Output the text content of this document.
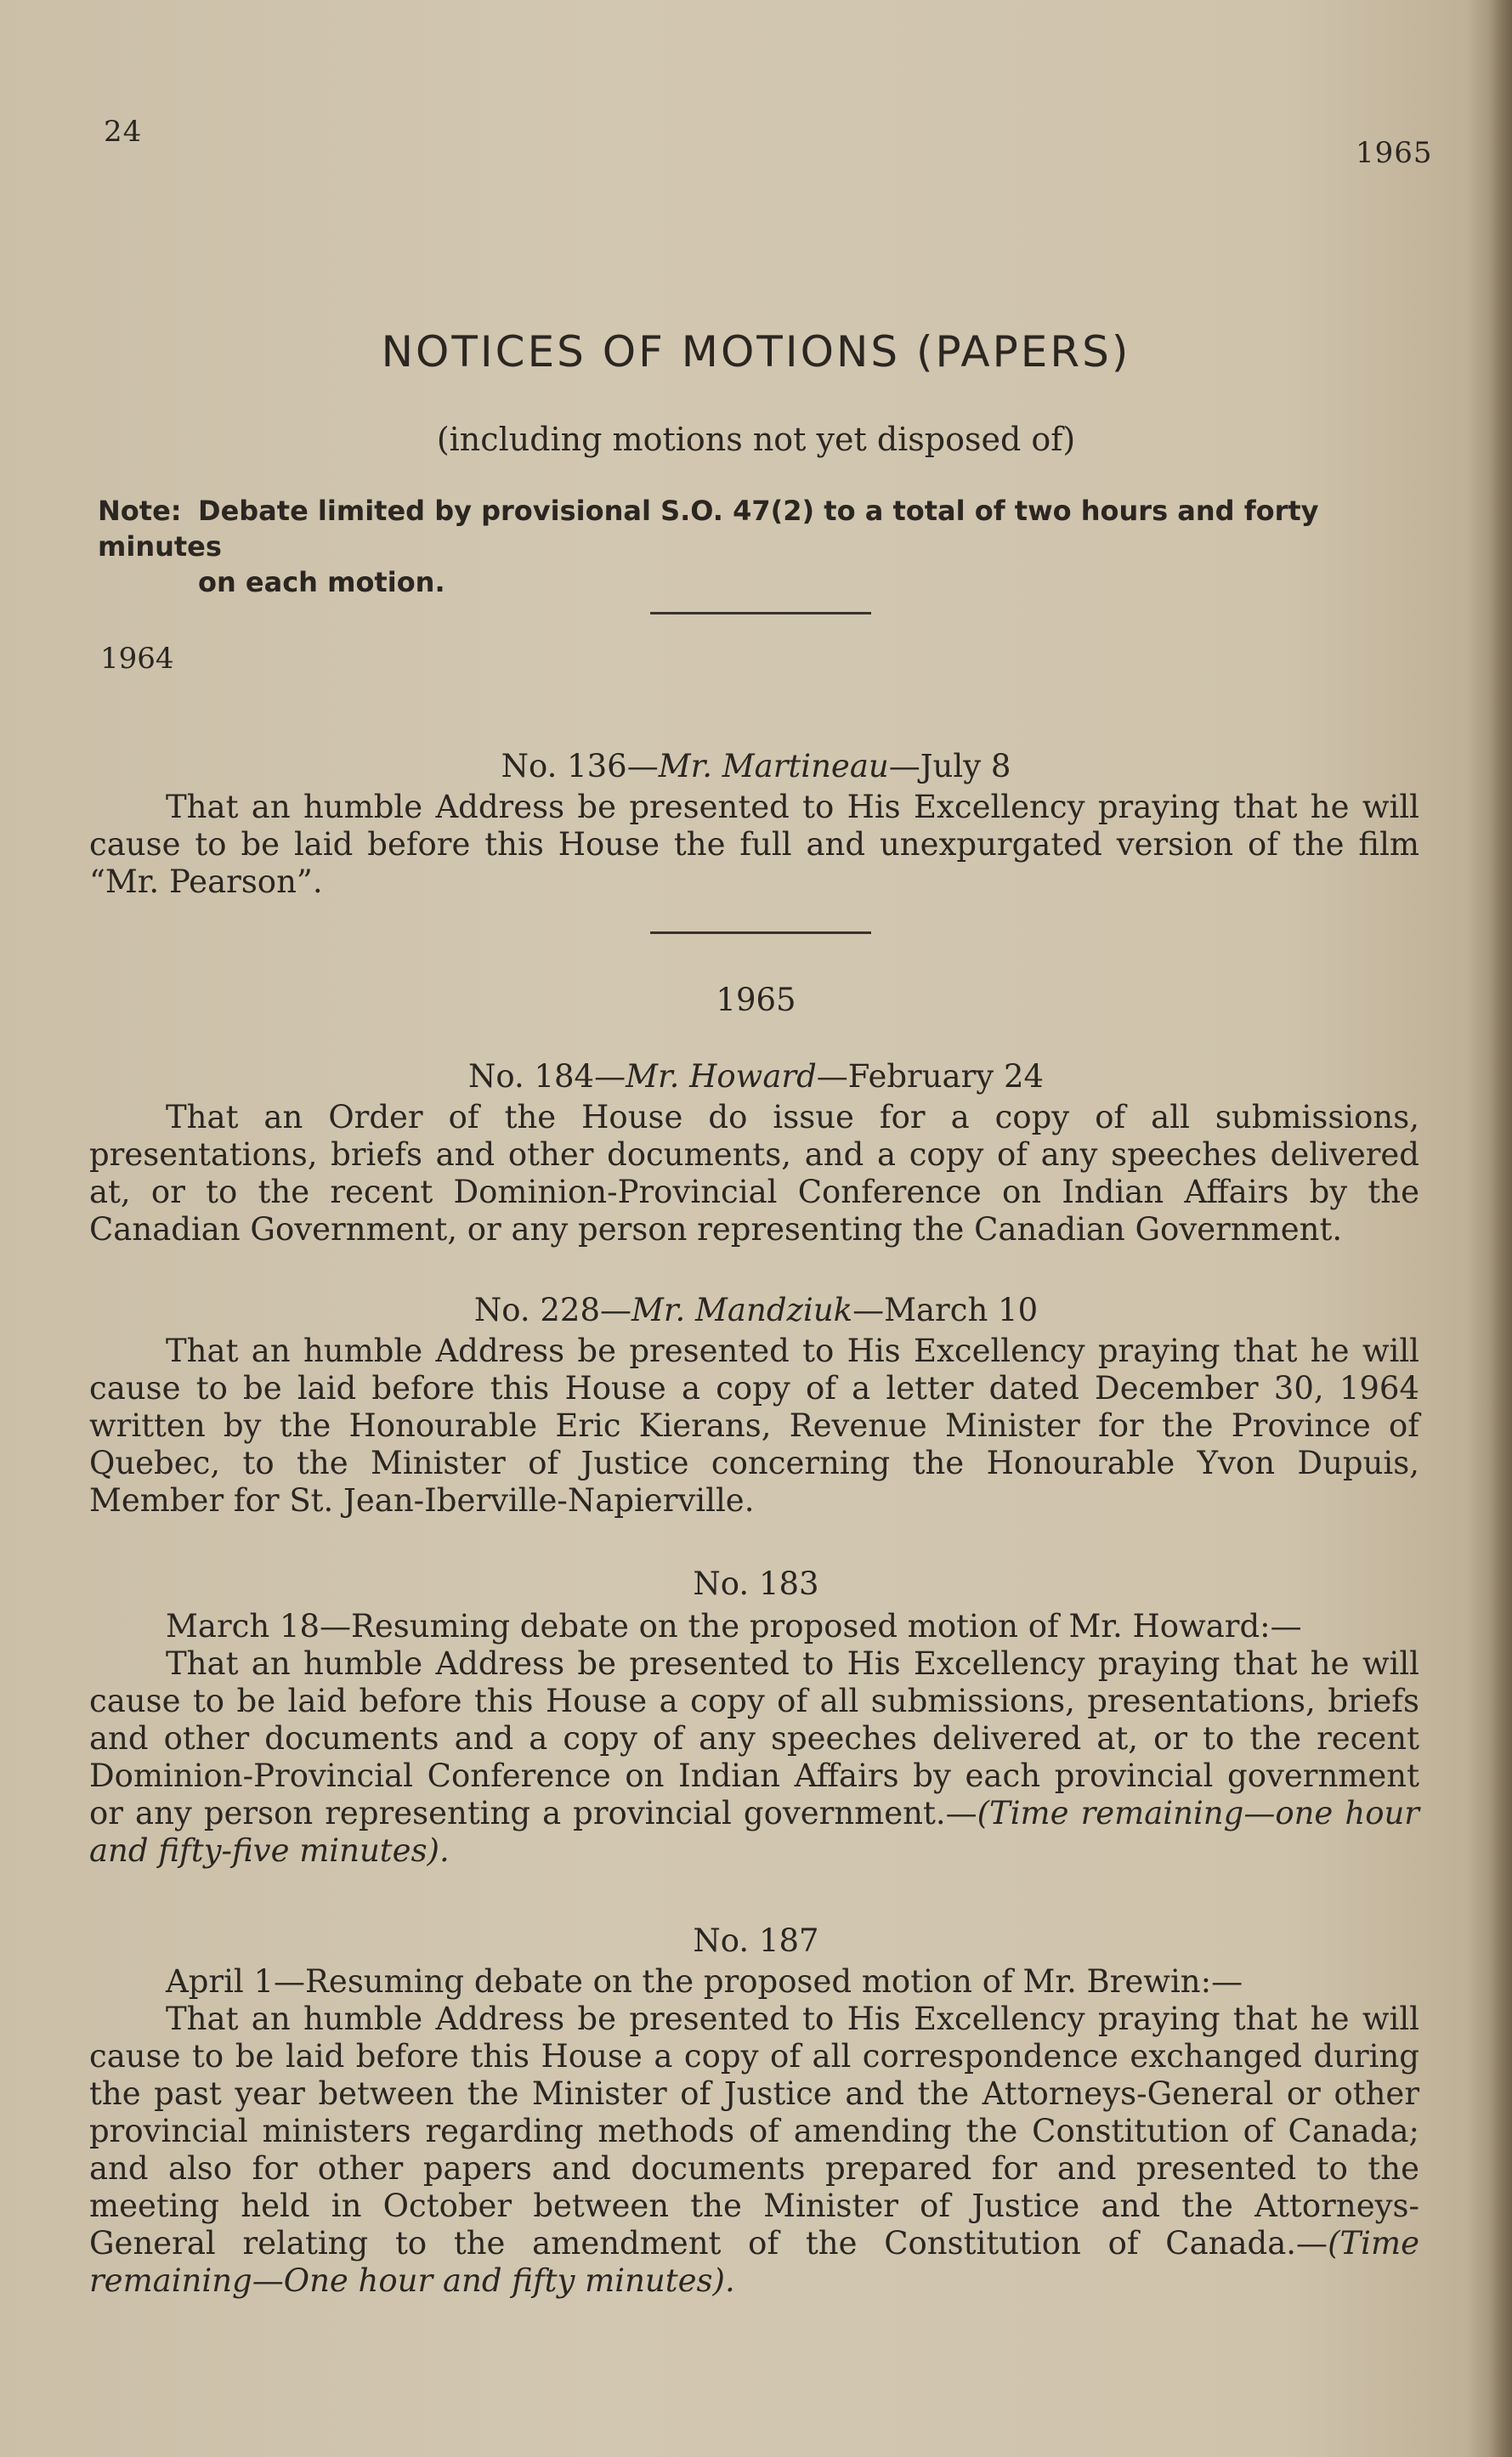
24
1965
NOTICES OF MOTIONS (PAPERS)
(including motions not yet disposed of)
Note: Debate limited by provisional S.O. 47(2) to a total of two hours and forty minutes
on each motion.
1964
No. 136—Mr. Martineau—July 8

That an humble Address be presented to His Excellency praying that he will cause to be laid before this House the full and unexpurgated version of the film “Mr. Pearson”.

1965
No. 184—Mr. Howard—February 24

That an Order of the House do issue for a copy of all submissions, presentations, briefs and other documents, and a copy of any speeches delivered at, or to the recent Dominion-Provincial Conference on Indian Affairs by the Canadian Government, or any person representing the Canadian Government.

No. 228—Mr. Mandziuk—March 10

That an humble Address be presented to His Excellency praying that he will cause to be laid before this House a copy of a letter dated December 30, 1964 written by the Honourable Eric Kierans, Revenue Minister for the Province of Quebec, to the Minister of Justice concerning the Honourable Yvon Dupuis, Member for St. Jean-Iberville-Napierville.

No. 183

March 18—Resuming debate on the proposed motion of Mr. Howard:—

That an humble Address be presented to His Excellency praying that he will cause to be laid before this House a copy of all submissions, presentations, briefs and other documents and a copy of any speeches delivered at, or to the recent Dominion-Provincial Conference on Indian Affairs by each provincial government or any person representing a provincial government.—(Time remaining—one hour and fifty-five minutes).

No. 187

April 1—Resuming debate on the proposed motion of Mr. Brewin:—

That an humble Address be presented to His Excellency praying that he will cause to be laid before this House a copy of all correspondence exchanged during the past year between the Minister of Justice and the Attorneys-General or other provincial ministers regarding methods of amending the Constitution of Canada; and also for other papers and documents prepared for and presented to the meeting held in October between the Minister of Justice and the Attorneys-General relating to the amendment of the Constitution of Canada.—(Time remaining—One hour and fifty minutes).
